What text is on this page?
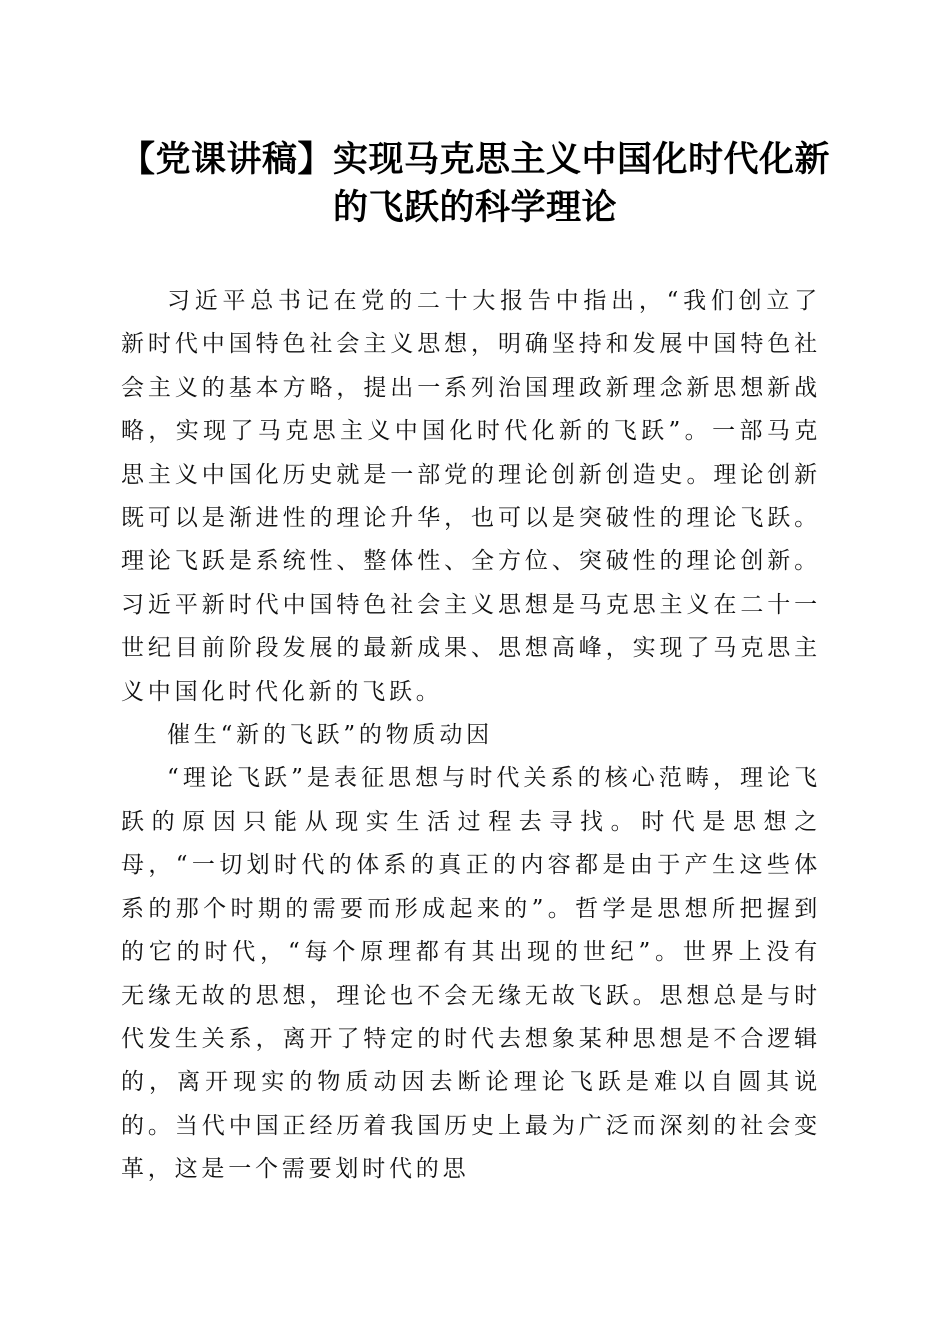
【党课讲稿】实现马克思主义中国化时代化新的飞跃的科学理论

习近平总书记在党的二十大报告中指出，“我们创立了新时代中国特色社会主义思想，明确坚持和发展中国特色社会主义的基本方略，提出一系列治国理政新理念新思想新战略，实现了马克思主义中国化时代化新的飞跃”。一部马克思主义中国化历史就是一部党的理论创新创造史。理论创新既可以是渐进性的理论升华，也可以是突破性的理论飞跃。理论飞跃是系统性、整体性、全方位、突破性的理论创新。习近平新时代中国特色社会主义思想是马克思主义在二十一世纪目前阶段发展的最新成果、思想高峰，实现了马克思主义中国化时代化新的飞跃。

催生“新的飞跃”的物质动因

“理论飞跃”是表征思想与时代关系的核心范畴，理论飞跃的原因只能从现实生活过程去寻找。时代是思想之母，“一切划时代的体系的真正的内容都是由于产生这些体系的那个时期的需要而形成起来的”。哲学是思想所把握到的它的时代，“每个原理都有其出现的世纪”。世界上没有无缘无故的思想，理论也不会无缘无故飞跃。思想总是与时代发生关系，离开了特定的时代去想象某种思想是不合逻辑的，离开现实的物质动因去断论理论飞跃是难以自圆其说的。当代中国正经历着我国历史上最为广泛而深刻的社会变革，这是一个需要划时代的思
